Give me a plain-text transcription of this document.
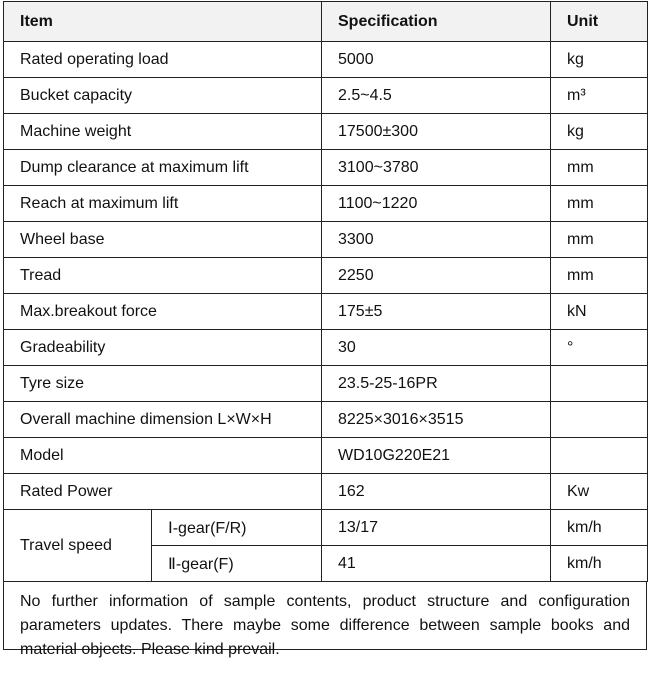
Item		Specification	Unit
Rated operating load		5000	kg
Bucket capacity		2.5~4.5	m³
Machine weight		17500±300	kg
Dump clearance at maximum lift		3100~3780	mm
Reach at maximum lift		1100~1220	mm
Wheel base		3300	mm
Tread		2250	mm
Max.breakout force		175±5	kN
Gradeability		30	°
Tyre size		23.5-25-16PR	
Overall machine dimension L×W×H		8225×3016×3515	
Model		WD10G220E21	
Rated Power		162	Kw
Travel speed	Ⅰ-gear(F/R)	13/17	km/h
	Ⅱ-gear(F)	41	km/h
No further information of sample contents, product structure and configuration parameters updates. There maybe some difference between sample books and material objects. Please kind prevail.
